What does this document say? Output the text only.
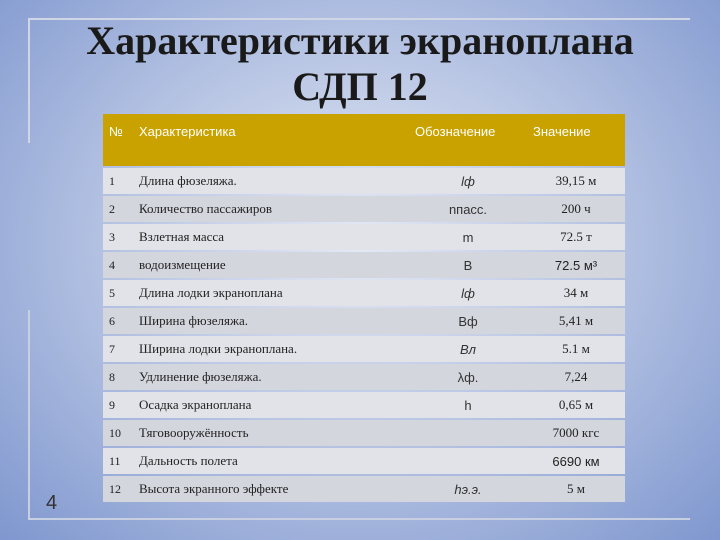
Характеристики экраноплана
СДП 12
№	Характеристика	Обозначение	Значение
1	Длина фюзеляжа.	lф	39,15 м
2	Количество пассажиров	nпасс.	200 ч
3	Взлетная масса	m	72.5 т
4	водоизмещение	В	72.5 м³
5	Длина лодки экраноплана	lф	34 м
6	Ширина фюзеляжа.	Вф	5,41 м
7	Ширина лодки экраноплана.	Вл	5.1 м
8	Удлинение фюзеляжа.	λф.	7,24
9	Осадка экраноплана	h	0,65 м
10	Тяговооружённость		7000 кгс
11	Дальность полета		6690 км
12	Высота экранного эффекте	hэ.э.	5 м
4
